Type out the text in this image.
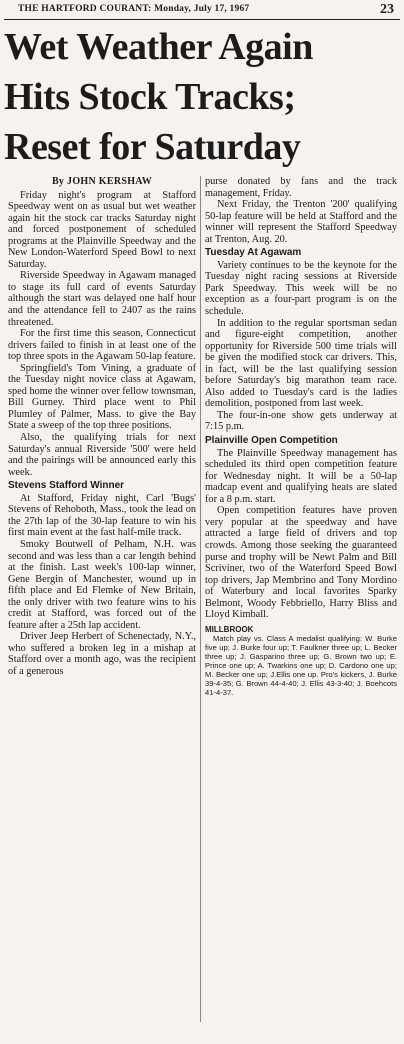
THE HARTFORD COURANT: Monday, July 17, 1967	23
Wet Weather Again
Hits Stock Tracks;
Reset for Saturday
By JOHN KERSHAW

Friday night's program at Stafford Speedway went on as usual but wet weather again hit the stock car tracks Saturday night and forced postponement of scheduled programs at the Plainville Speedway and the New London-Waterford Speed Bowl to next Saturday.

Riverside Speedway in Agawam managed to stage its full card of events Saturday although the start was delayed one half hour and the attendance fell to 2407 as the rains threatened.

For the first time this season, Connecticut drivers failed to finish in at least one of the top three spots in the Agawam 50-lap feature.

Springfield's Tom Vining, a graduate of the Tuesday night novice class at Agawam, sped home the winner over fellow townsman, Bill Gurney. Third place went to Phil Plumley of Palmer, Mass. to give the Bay State a sweep of the top three positions.

Also, the qualifying trials for next Saturday's annual Riverside '500' were held and the pairings will be announced early this week.

Stevens Stafford Winner

At Stafford, Friday night, Carl 'Bugs' Stevens of Rehoboth, Mass., took the lead on the 27th lap of the 30-lap feature to win his first main event at the fast half-mile track.

Smoky Boutwell of Pelham, N.H. was second and was less than a car length behind at the finish. Last week's 100-lap winner, Gene Bergin of Manchester, wound up in fifth place and Ed Flemke of New Britain, the only driver with two feature wins to his credit at Stafford, was forced out of the feature after a 25th lap accident.

Driver Jeep Herbert of Schenectady, N.Y., who suffered a broken leg in a mishap at Stafford over a month ago, was the recipient of a generous

purse donated by fans and the track management, Friday.

Next Friday, the Trenton '200' qualifying 50-lap feature will be held at Stafford and the winner will represent the Stafford Speedway at Trenton, Aug. 20.

Tuesday At Agawam

Variety continues to be the keynote for the Tuesday night racing sessions at Riverside Park Speedway. This week will be no exception as a four-part program is on the schedule.

In addition to the regular sportsman sedan and figure-eight competition, another opportunity for Riverside 500 time trials will be given the modified stock car drivers. This, in fact, will be the last qualifying session before Saturday's big marathon team race. Also added to Tuesday's card is the ladies demolition, postponed from last week.

The four-in-one show gets underway at 7:15 p.m.

Plainville Open Competition

The Plainville Speedway management has scheduled its third open competition feature for Wednesday night. It will be a 50-lap madcap event and qualifying heats are slated for a 8 p.m. start.

Open competition features have proven very popular at the speedway and have attracted a large field of drivers and top crowds. Among those seeking the guaranteed purse and trophy will be Newt Palm and Bill Scriviner, two of the Waterford Speed Bowl top drivers, Jap Membrino and Tony Mordino of Waterbury and local favorites Sparky Belmont, Woody Febbriello, Harry Bliss and Lloyd Kimball.

MILLBROOK

Match play vs. Class A medalist qualifying: W. Burke five up; J. Burke four up; T. Faulkner three up; L. Becker three up; J. Gasparino three up; G. Brown two up; E. Prince one up; A. Twarkins one up; D. Cardono one up; M. Becker one up; J.Ellis one up. Pro's kickers, J. Burke 39-4-35; G. Brown 44-4-40; J. Ellis 43-3-40; J. Boehcots 41-4-37.
